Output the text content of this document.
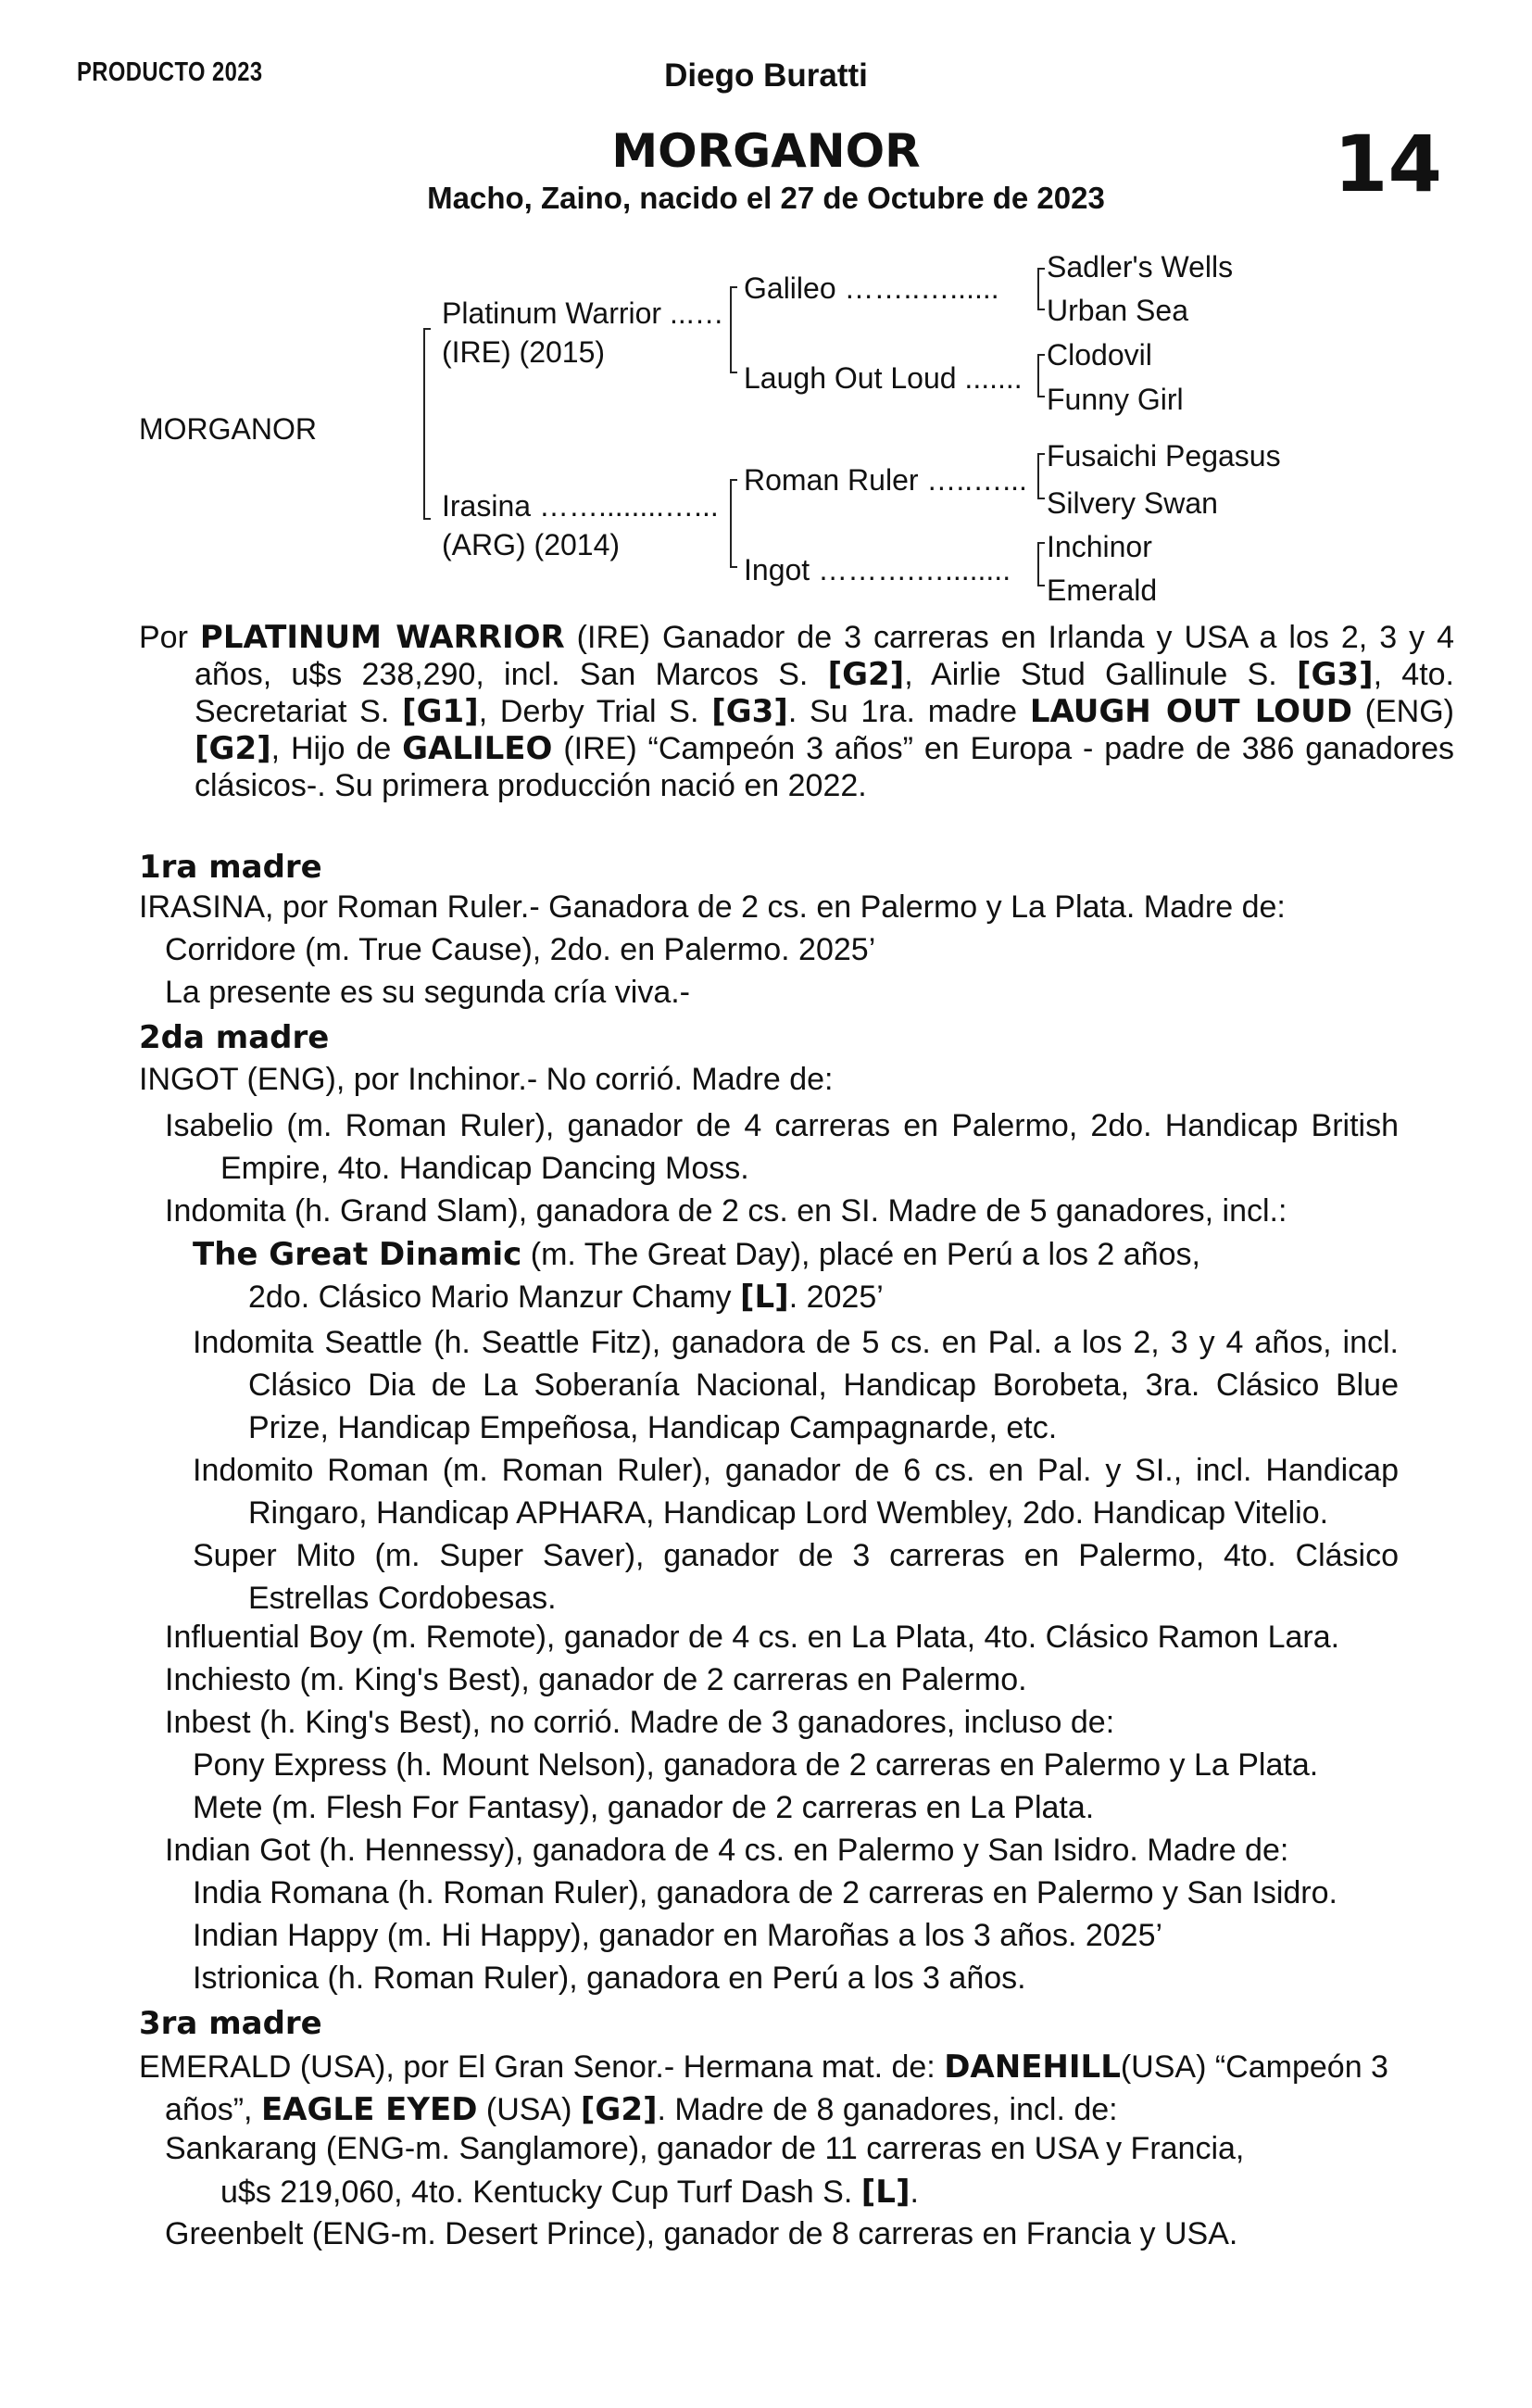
PRODUCTO 2023	Diego Buratti
14
MORGANOR
Macho, Zaino, nacido el 27 de Octubre de 2023
MORGANOR
Platinum Warrior ...…
(IRE) (2015)
Irasina ……........…...
(ARG) (2014)
Galileo ……..…......
Laugh Out Loud .......
Roman Ruler …..…...
Ingot ……….…........
Sadler's Wells
Urban Sea
Clodovil
Funny Girl
Fusaichi Pegasus
Silvery Swan
Inchinor
Emerald
Por PLATINUM WARRIOR (IRE) Ganador de 3 carreras en Irlanda y USA a los 2, 3 y 4 años, u$s 238,290, incl. San Marcos S. [G2], Airlie Stud Gallinule S. [G3], 4to. Secretariat S. [G1], Derby Trial S. [G3]. Su 1ra. madre LAUGH OUT LOUD (ENG) [G2], Hijo de GALILEO (IRE) “Campeón 3 años” en Europa - padre de 386 ganadores clásicos-. Su primera producción nació en 2022.
1ra madre
IRASINA, por Roman Ruler.- Ganadora de 2 cs. en Palermo y La Plata. Madre de:
Corridore (m. True Cause), 2do. en Palermo. 2025’
La presente es su segunda cría viva.-
2da madre
INGOT (ENG), por Inchinor.- No corrió. Madre de:
Isabelio (m. Roman Ruler), ganador de 4 carreras en Palermo, 2do. Handicap British Empire, 4to. Handicap Dancing Moss.
Indomita (h. Grand Slam), ganadora de 2 cs. en SI. Madre de 5 ganadores, incl.:
The Great Dinamic (m. The Great Day), placé en Perú a los 2 años,
2do. Clásico Mario Manzur Chamy [L]. 2025’
Indomita Seattle (h. Seattle Fitz), ganadora de 5 cs. en Pal. a los 2, 3 y 4 años, incl. Clásico Dia de La Soberanía Nacional, Handicap Borobeta, 3ra. Clásico Blue Prize, Handicap Empeñosa, Handicap Campagnarde, etc.
Indomito Roman (m. Roman Ruler), ganador de 6 cs. en Pal. y SI., incl. Handicap Ringaro, Handicap APHARA, Handicap Lord Wembley, 2do. Handicap Vitelio.
Super Mito (m. Super Saver), ganador de 3 carreras en Palermo, 4to. Clásico Estrellas Cordobesas.
Influential Boy (m. Remote), ganador de 4 cs. en La Plata, 4to. Clásico Ramon Lara.
Inchiesto (m. King's Best), ganador de 2 carreras en Palermo.
Inbest (h. King's Best), no corrió. Madre de 3 ganadores, incluso de:
Pony Express (h. Mount Nelson), ganadora de 2 carreras en Palermo y La Plata.
Mete (m. Flesh For Fantasy), ganador de 2 carreras en La Plata.
Indian Got (h. Hennessy), ganadora de 4 cs. en Palermo y San Isidro. Madre de:
India Romana (h. Roman Ruler), ganadora de 2 carreras en Palermo y San Isidro.
Indian Happy (m. Hi Happy), ganador en Maroñas a los 3 años. 2025’
Istrionica (h. Roman Ruler), ganadora en Perú a los 3 años.
3ra madre
EMERALD (USA), por El Gran Senor.- Hermana mat. de: DANEHILL(USA) “Campeón 3 años”, EAGLE EYED (USA) [G2]. Madre de 8 ganadores, incl. de:
Sankarang (ENG-m. Sanglamore), ganador de 11 carreras en USA y Francia,
u$s 219,060, 4to. Kentucky Cup Turf Dash S. [L].
Greenbelt (ENG-m. Desert Prince), ganador de 8 carreras en Francia y USA.
